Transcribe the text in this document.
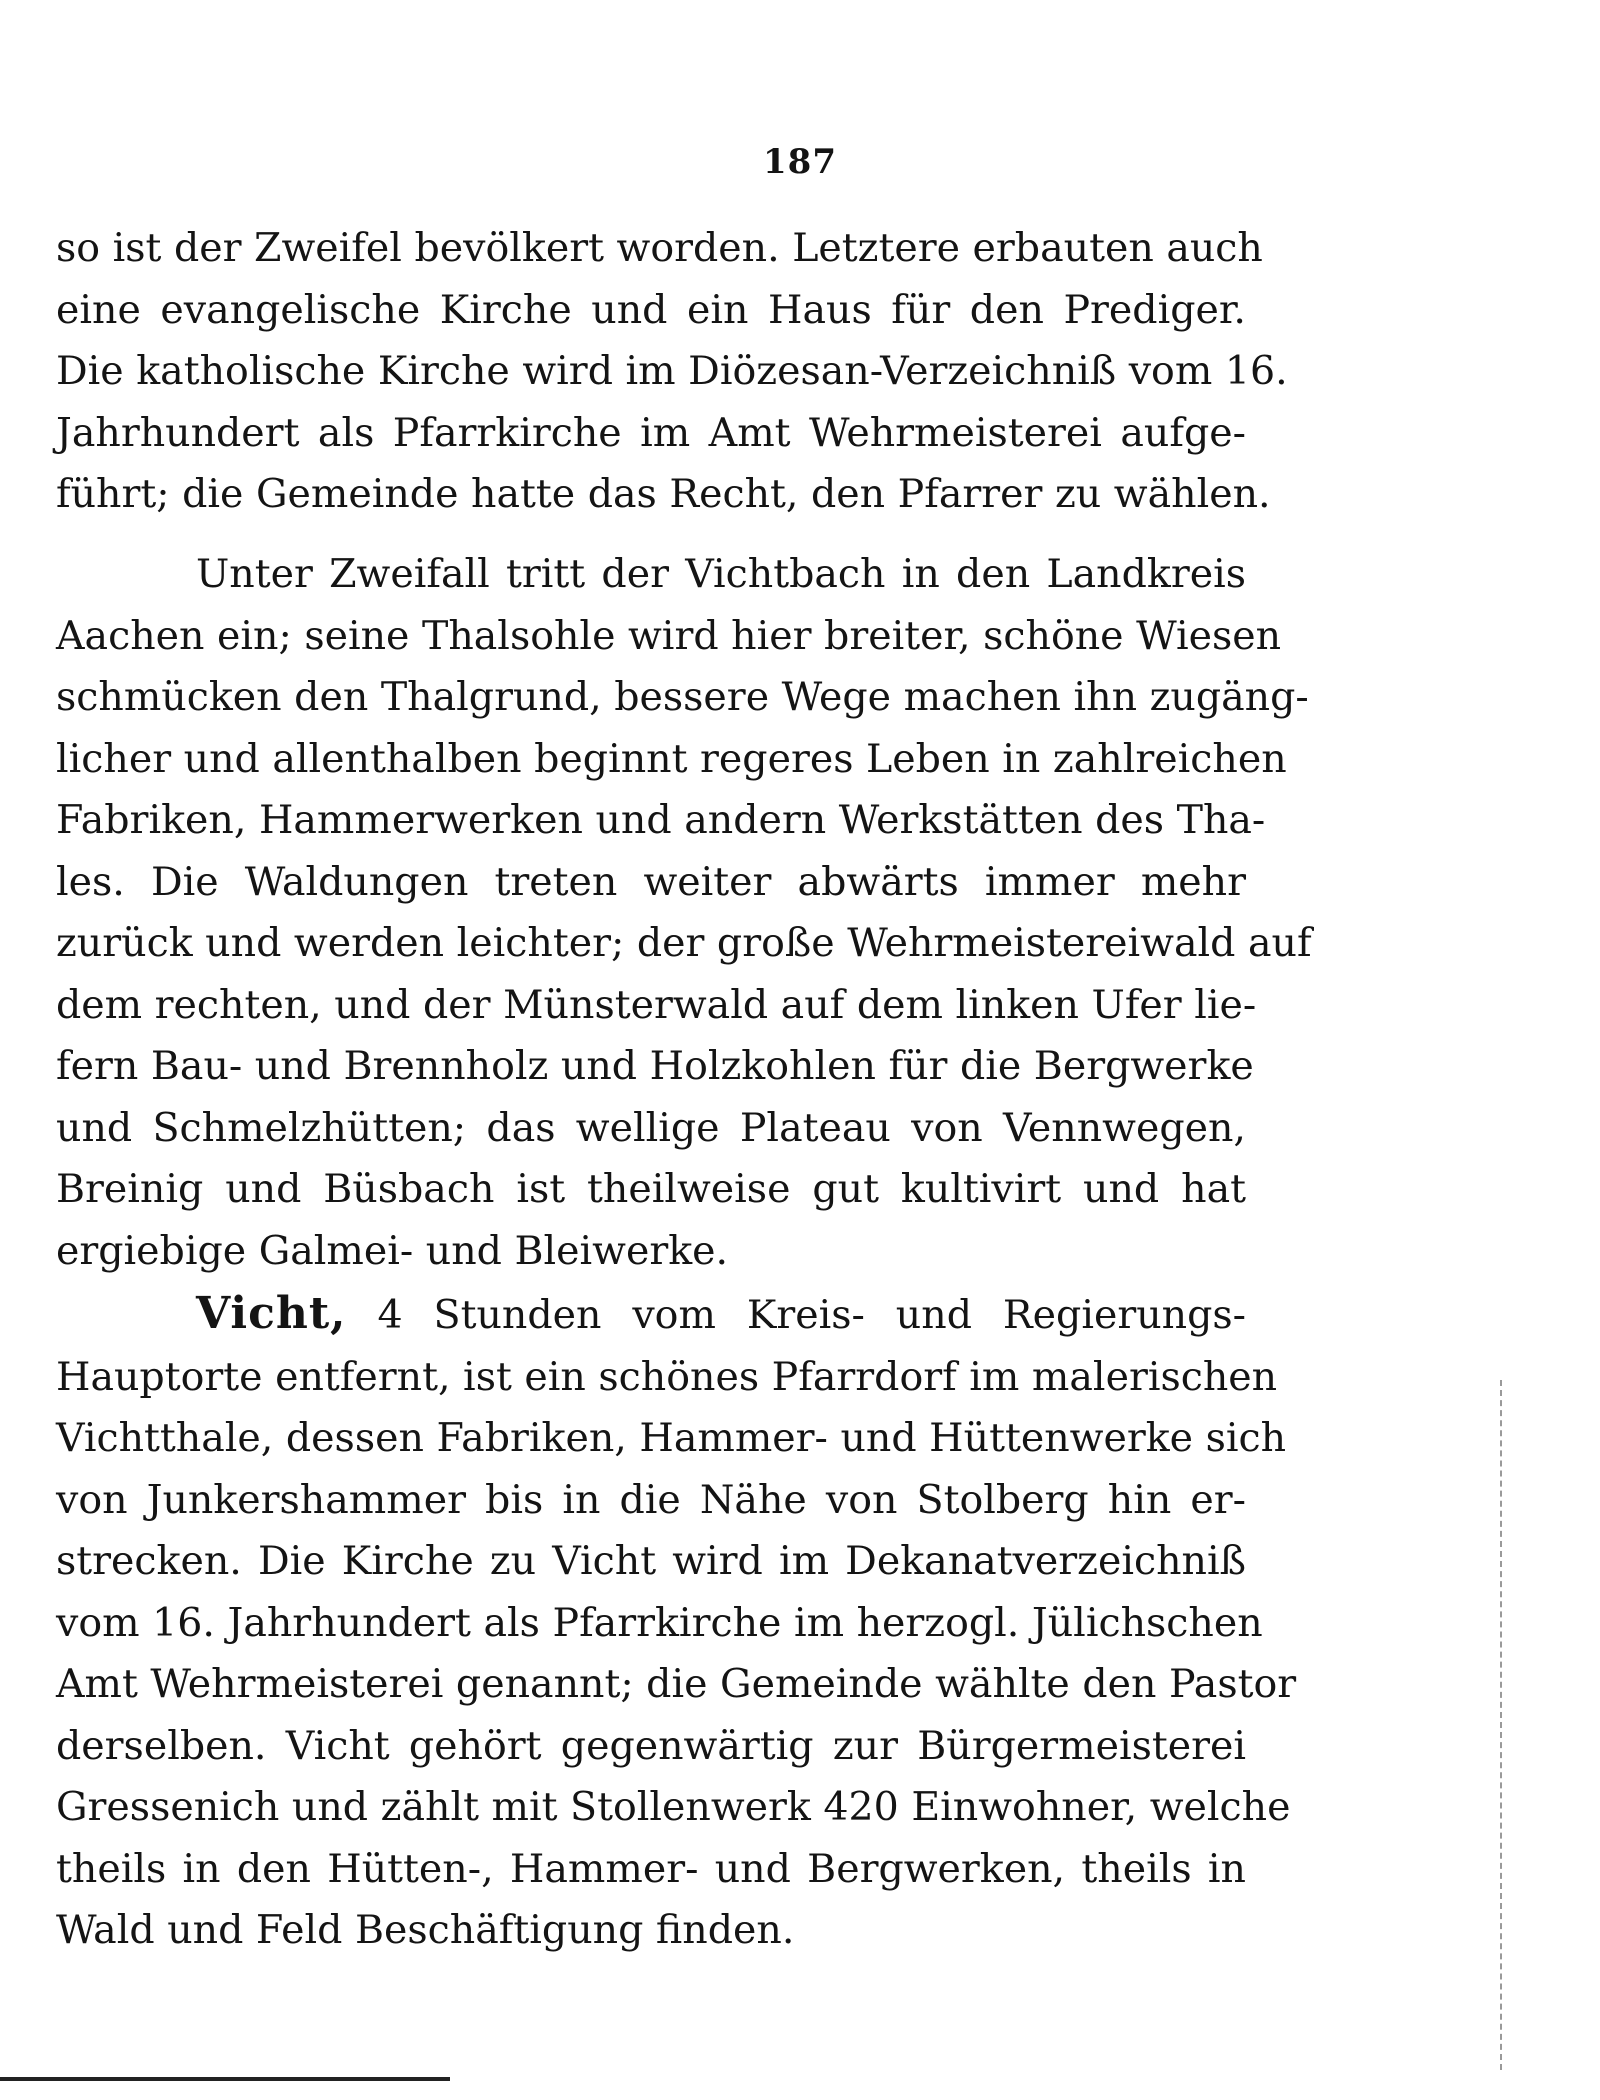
187
so ist der Zweifel bevölkert worden. Letztere erbauten auch
eine evangelische Kirche und ein Haus für den Prediger.
Die katholische Kirche wird im Diözesan-Verzeichniß vom 16.
Jahrhundert als Pfarrkirche im Amt Wehrmeisterei aufge-
führt; die Gemeinde hatte das Recht, den Pfarrer zu wählen.
Unter Zweifall tritt der Vichtbach in den Landkreis
Aachen ein; seine Thalsohle wird hier breiter, schöne Wiesen
schmücken den Thalgrund, bessere Wege machen ihn zugäng-
licher und allenthalben beginnt regeres Leben in zahlreichen
Fabriken, Hammerwerken und andern Werkstätten des Tha-
les. Die Waldungen treten weiter abwärts immer mehr
zurück und werden leichter; der große Wehrmeistereiwald auf
dem rechten, und der Münsterwald auf dem linken Ufer lie-
fern Bau- und Brennholz und Holzkohlen für die Bergwerke
und Schmelzhütten; das wellige Plateau von Vennwegen,
Breinig und Büsbach ist theilweise gut kultivirt und hat
ergiebige Galmei- und Bleiwerke.
Vicht, 4 Stunden vom Kreis- und Regierungs-
Hauptorte entfernt, ist ein schönes Pfarrdorf im malerischen
Vichtthale, dessen Fabriken, Hammer- und Hüttenwerke sich
von Junkershammer bis in die Nähe von Stolberg hin er-
strecken. Die Kirche zu Vicht wird im Dekanatverzeichniß
vom 16. Jahrhundert als Pfarrkirche im herzogl. Jülichschen
Amt Wehrmeisterei genannt; die Gemeinde wählte den Pastor
derselben. Vicht gehört gegenwärtig zur Bürgermeisterei
Gressenich und zählt mit Stollenwerk 420 Einwohner, welche
theils in den Hütten-, Hammer- und Bergwerken, theils in
Wald und Feld Beschäftigung finden.
